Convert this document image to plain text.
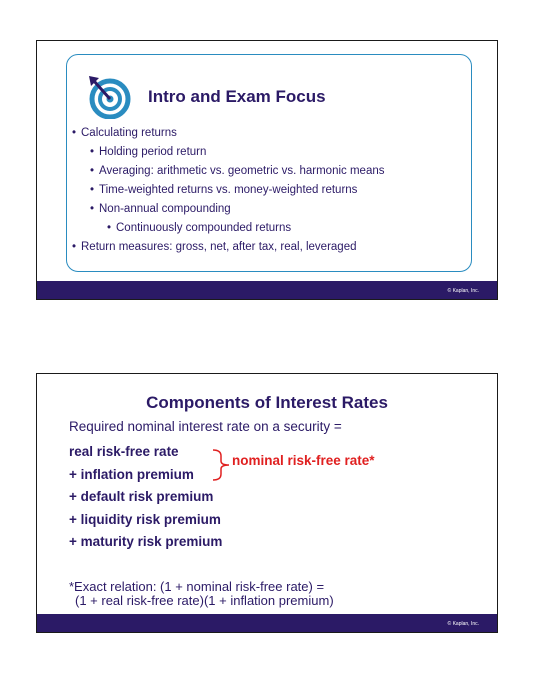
Intro and Exam Focus
• Calculating returns
• Holding period return
• Averaging: arithmetic vs. geometric vs. harmonic means
• Time-weighted returns vs. money-weighted returns
• Non-annual compounding
• Continuously compounded returns
• Return measures: gross, net, after tax, real, leveraged
© Kaplan, Inc.
Components of Interest Rates
Required nominal interest rate on a security =
real risk-free rate
+ inflation premium
+ default risk premium
+ liquidity risk premium
+ maturity risk premium
nominal risk-free rate*
*Exact relation: (1 + nominal risk-free rate) =
(1 + real risk-free rate)(1 + inflation premium)
© Kaplan, Inc.
